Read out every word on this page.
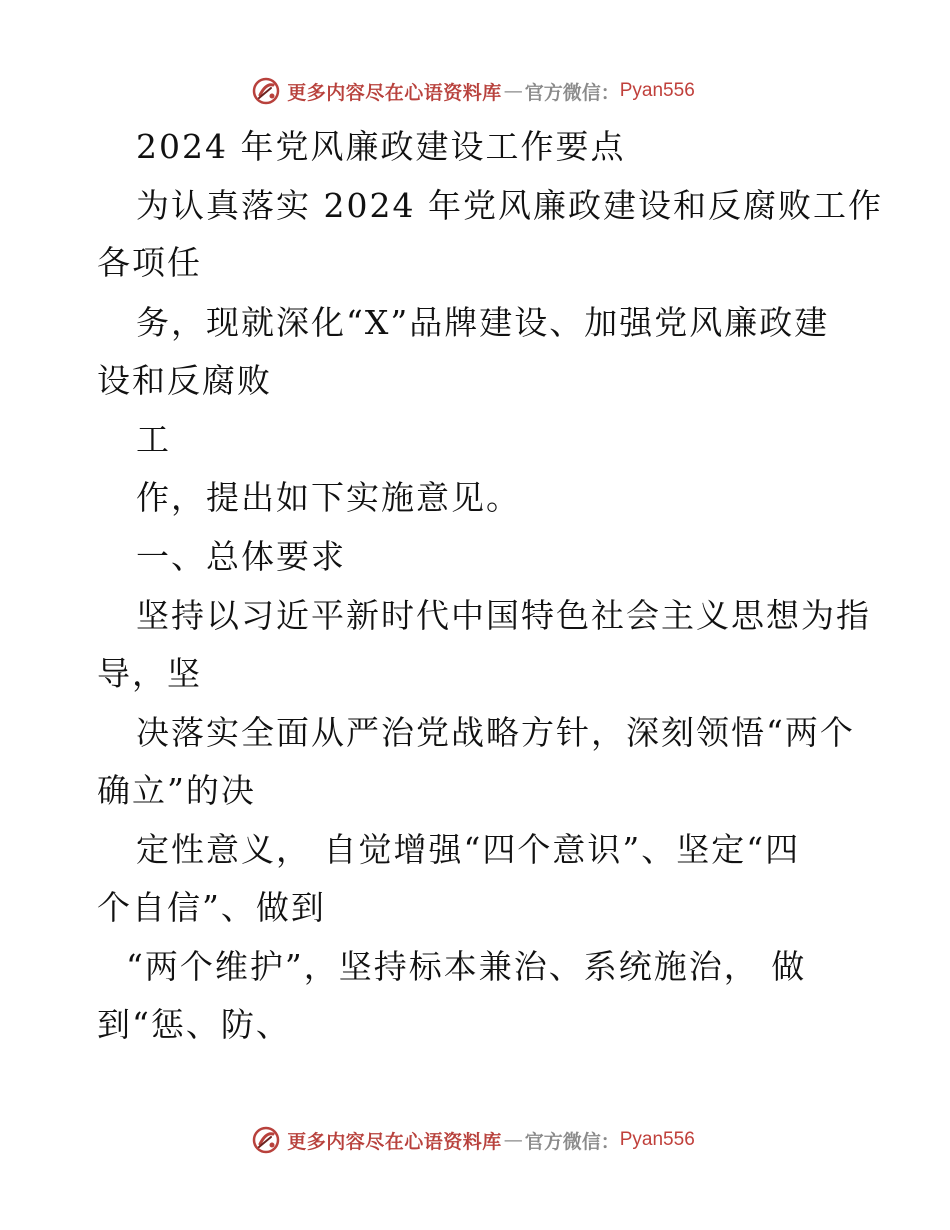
更多内容尽在心语资料库 — 官方微信： Pyan556
2024 年党风廉政建设工作要点
为认真落实 2024 年党风廉政建设和反腐败工作
各项任
务，现就深化“X”品牌建设、加强党风廉政建
设和反腐败
工
作，提出如下实施意见。
一、总体要求
坚持以习近平新时代中国特色社会主义思想为指
导，坚
决落实全面从严治党战略方针，深刻领悟“两个
确立”的决
定性意义， 自觉增强“四个意识”、坚定“四
个自信”、做到
“两个维护”，坚持标本兼治、系统施治， 做
到“惩、防、
更多内容尽在心语资料库 — 官方微信： Pyan556
